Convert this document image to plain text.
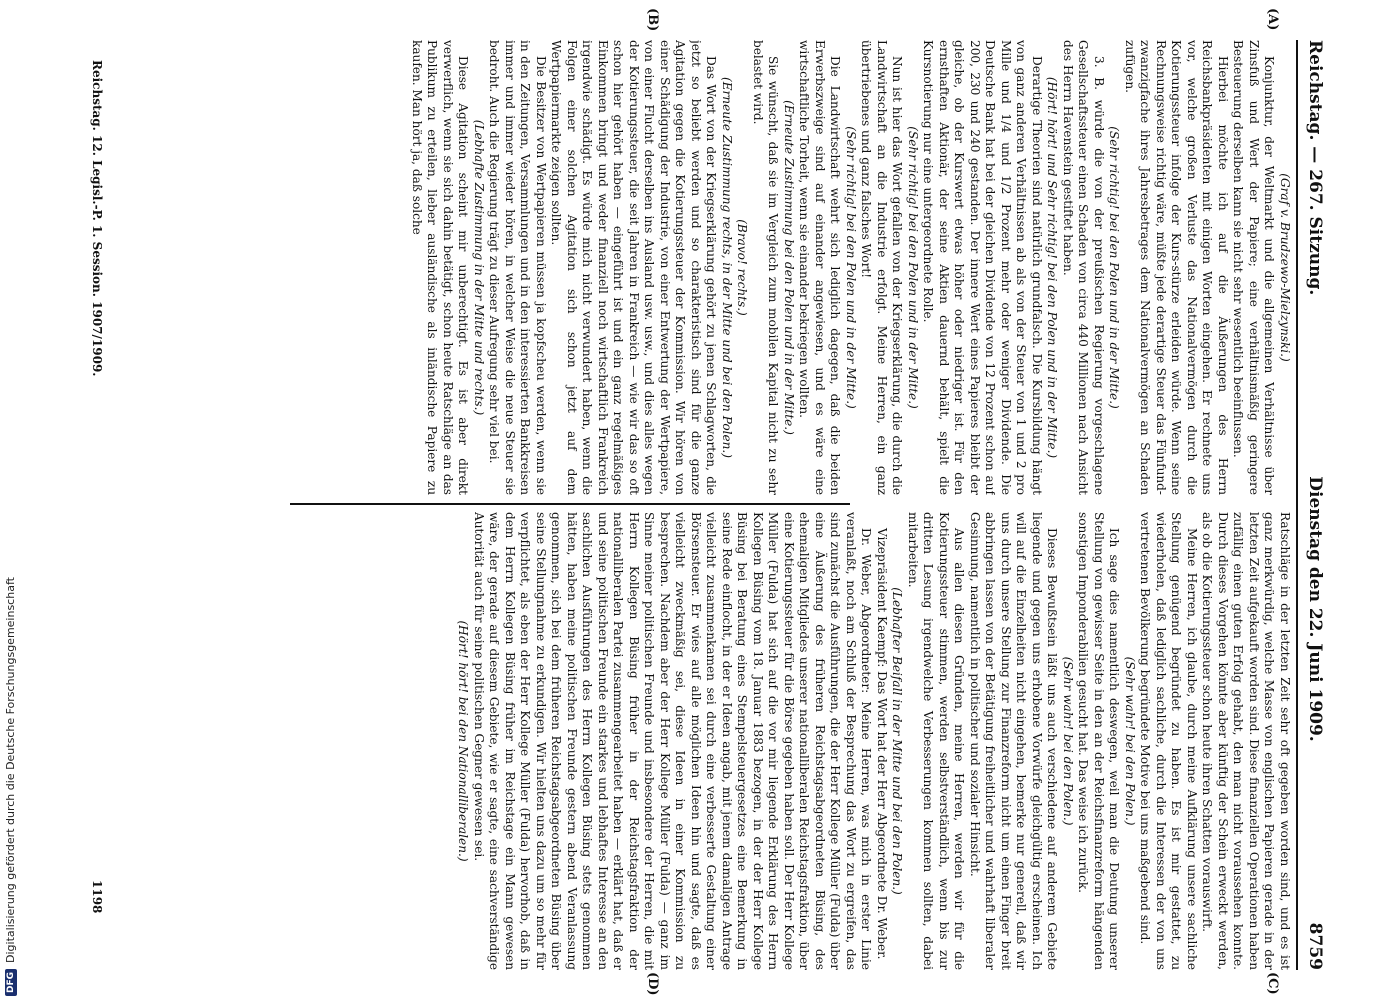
Reichstag. — 267. Sitzung.
Dienstag den 22. Juni 1909.
8759
(A)
(B)
(C)
(D)

(Graf v. Brudzewo-Mielzynski.)

Konjunktur, der Weltmarkt und die allgemeinen Verhältnisse über Zinsfuß und Wert der Papiere; eine verhältnismäßig geringere Besteuerung derselben kann sie nicht sehr wesentlich beeinflussen.

Hierbei möchte ich auf die Äußerungen des Herrn Reichsbankpräsidenten mit einigen Worten eingehen. Er rechnete uns vor, welche großen Verluste das Nationalvermögen durch die Kotierungssteuer infolge der Kurs-stürze erleiden würde. Wenn seine Rechnungsweise richtig wäre, müßte jede derartige Steuer das Fünfund-zwanzigfache ihres Jahresbetrages dem Nationalvermögen an Schaden zufügen.

(Sehr richtig! bei den Polen und in der Mitte.)

3. B. würde die von der preußischen Regierung vorgeschlagene Gesellschaftssteuer einen Schaden von circa 440 Millionen nach Ansicht des Herrn Havenstein gestiftet haben.

(Hört! hört! und Sehr richtig! bei den Polen und in der Mitte.)

Derartige Theorien sind natürlich grundfalsch. Die Kursbildung hängt von ganz anderen Verhältnissen ab als von der Steuer von 1 und 2 pro Mille und 1/4 und 1/2 Prozent mehr oder weniger Dividende. Die Deutsche Bank hat bei der gleichen Dividende von 12 Prozent schon auf 200, 230 und 240 gestanden. Der innere Wert eines Papieres bleibt der gleiche, ob der Kurswert etwas höher oder niedriger ist. Für den ernsthaften Aktionär, der seine Aktien dauernd behält, spielt die Kursnotierung nur eine untergeordnete Rolle.

(Sehr richtig! bei den Polen und in der Mitte.)

Nun ist hier das Wort gefallen von der Kriegserklärung, die durch die Landwirtschaft an die Industrie erfolgt. Meine Herren, ein ganz übertriebenes und ganz falsches Wort!

(Sehr richtig! bei den Polen und in der Mitte.)

Die Landwirtschaft wehrt sich lediglich dagegen, daß die beiden Erwerbszweige sind auf einander angewiesen, und es wäre eine wirtschaftliche Torheit, wenn sie einander bekriegen wollten.

(Erneute Zustimmung bei den Polen und in der Mitte.)

Sie wünscht, daß sie im Vergleich zum mobilen Kapital nicht zu sehr belastet wird.

(Bravo! rechts.)

(Erneute Zustimmung rechts, in der Mitte und bei den Polen.)

Das Wort von der Kriegserklärung gehört zu jenen Schlagworten, die jetzt so beliebt werden und so charakteristisch sind für die ganze Agitation gegen die Kotierungssteuer der Kommission. Wir hören von einer Schädigung der Industrie, von einer Entwertung der Wertpapiere, von einer Flucht derselben ins Ausland usw. usw., und dies alles wegen der Kotierungssteuer, die seit Jahren in Frankreich — wie wir das so oft schon hier gehört haben — eingeführt ist und ein ganz regelmäßiges Einkommen bringt und weder finanziell noch wirtschaftlich Frankreich irgendwie schädigt. Es würde mich nicht verwundert haben, wenn die Folgen einer solchen Agitation sich schon jetzt auf dem Wertpapiermarkte zeigen sollten.

Die Besitzer von Wertpapieren müssen ja kopfscheu werden, wenn sie in den Zeitungen, Versammlungen und in den interessierten Bankkreisen immer und immer wieder hören, in welcher Weise die neue Steuer sie bedroht. Auch die Regierung trägt zu dieser Aufregung sehr viel bei.

(Lebhafte Zustimmung in der Mitte und rechts.)

Diese Agitation scheint mir unberechtigt. Es ist aber direkt verwerflich, wenn sie sich dahin betätigt, schon heute Ratschläge an das Publikum zu erteilen, lieber ausländische als inländische Papiere zu kaufen. Man hört ja, daß solche

Ratschläge in der letzten Zeit sehr oft gegeben worden sind, und es ist ganz merkwürdig, welche Masse von englischen Papieren gerade in der letzten Zeit aufgekauft worden sind. Diese finanziellen Operationen haben zufällig einen guten Erfolg gehabt, den man nicht voraussehen konnte. Durch dieses Vorgehen könnte aber künftig der Schein erweckt werden, als ob die Kotierungssteuer schon heute ihren Schatten vorauswirft.

Meine Herren, ich glaube, durch meine Aufklärung unsere sachliche Stellung genügend begründet zu haben. Es ist mir gestattet, zu wiederholen, daß lediglich sachliche, durch die Interessen der von uns vertretenen Bevölkerung begründete Motive bei uns maßgebend sind.

(Sehr wahr! bei den Polen.)

Ich sage dies namentlich deswegen, weil man die Deutung unserer Stellung von gewisser Seite in den an der Reichsfinanzreform hängenden sonstigen Imponderabilien gesucht hat. Das weise ich zurück.

(Sehr wahr! bei den Polen.)

Dieses Bewußtsein läßt uns auch verschiedene auf anderem Gebiete liegende und gegen uns erhobene Vorwürfe gleichgültig erscheinen. Ich will auf die Einzelheiten nicht eingehen, bemerke nur generell, daß wir uns durch unsere Stellung zur Finanzreform nicht um einen Finger breit abbringen lassen von der Betätigung freiheitlicher und wahrhaft liberaler Gesinnung, namentlich in politischer und sozialer Hinsicht.

Aus allen diesen Gründen, meine Herren, werden wir für die Kotierungssteuer stimmen, werden selbstverständlich, wenn bis zur dritten Lesung irgendwelche Verbesserungen kommen sollten, dabei mitarbeiten.

(Lebhafter Beifall in der Mitte und bei den Polen.)

Vizepräsident Kaempf: Das Wort hat der Herr Abgeordnete Dr. Weber.

Dr. Weber, Abgeordneter: Meine Herren, was mich in erster Linie veranlaßt, noch am Schluß der Besprechung das Wort zu ergreifen, das sind zunächst die Ausführungen, die der Herr Kollege Müller (Fulda) über eine Äußerung des früheren Reichstagsabgeordneten Büsing, des ehemaligen Mitgliedes unserer nationalliberalen Reichstagsfraktion, über eine Kotierungssteuer für die Börse gegeben haben soll. Der Herr Kollege Müller (Fulda) hat sich auf die vor mir liegende Erklärung des Herrn Kollegen Büsing vom 18. Januar 1883 bezogen, in der der Herr Kollege Büsing bei Beratung eines Stempelsteuergesetzes eine Bemerkung in seine Rede einflocht, in der er Ideen angab, mit jenem damaligen Antrage vielleicht zusammenkamen sei durch eine verbesserte Gestaltung einer Börsensteuer. Er wies auf alle möglichen Ideen hin und sagte, daß es vielleicht zweckmäßig sei, diese Ideen in einer Kommission zu besprechen. Nachdem aber der Herr Kollege Müller (Fulda) — ganz im Sinne meiner politischen Freunde und insbesondere der Herren, die mit Herrn Kollegen Büsing früher in der Reichstagsfraktion der nationalliberalen Partei zusammengearbeitet haben — erklärt hat, daß er und seine politischen Freunde ein starkes und lebhaftes Interesse an den sachlichen Ausführungen des Herrn Kollegen Büsing stets genommen hätten, haben meine politischen Freunde gestern abend Veranlassung genommen, sich bei dem früheren Reichstagsabgeordneten Büsing über seine Stellungnahme zu erkundigen. Wir hielten uns dazu um so mehr für verpflichtet, als eben der Herr Kollege Müller (Fulda) hervorhob, daß in dem Herrn Kollegen Büsing früher im Reichstage ein Mann gewesen wäre, der gerade auf diesem Gebiete, wie er sagte, eine sachverständige Autorität auch für seine politischen Gegner gewesen sei.

(Hört! hört! bei den Nationalliberalen.)

Reichstag. 12. Legisl.-P. 1. Session. 1907/1909.
1198
DFG
Digitalisierung gefördert durch die Deutsche Forschungsgemeinschaft
